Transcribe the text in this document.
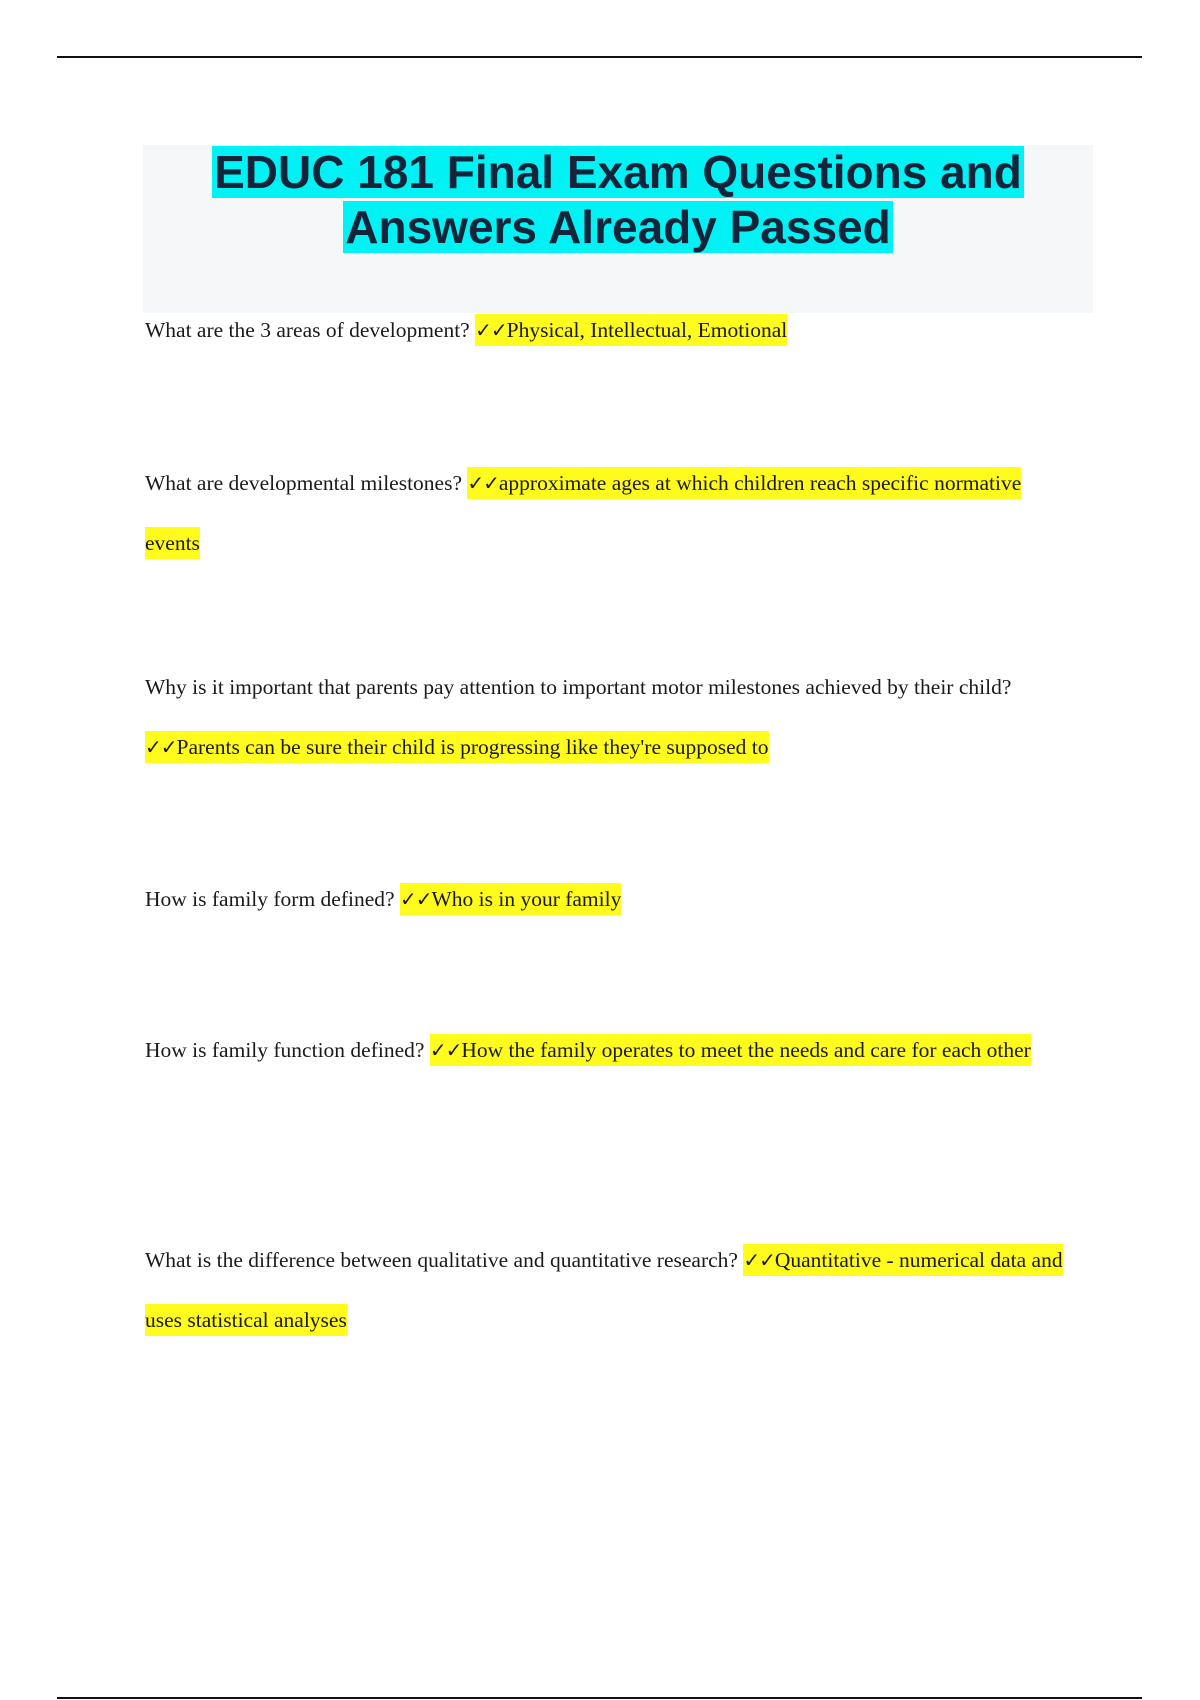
EDUC 181 Final Exam Questions and
Answers Already Passed

What are the 3 areas of development? ✓✓Physical, Intellectual, Emotional

What are developmental milestones? ✓✓approximate ages at which children reach specific normative events

Why is it important that parents pay attention to important motor milestones achieved by their child? ✓✓Parents can be sure their child is progressing like they're supposed to

How is family form defined? ✓✓Who is in your family

How is family function defined? ✓✓How the family operates to meet the needs and care for each other

What is the difference between qualitative and quantitative research? ✓✓Quantitative - numerical data and uses statistical analyses
